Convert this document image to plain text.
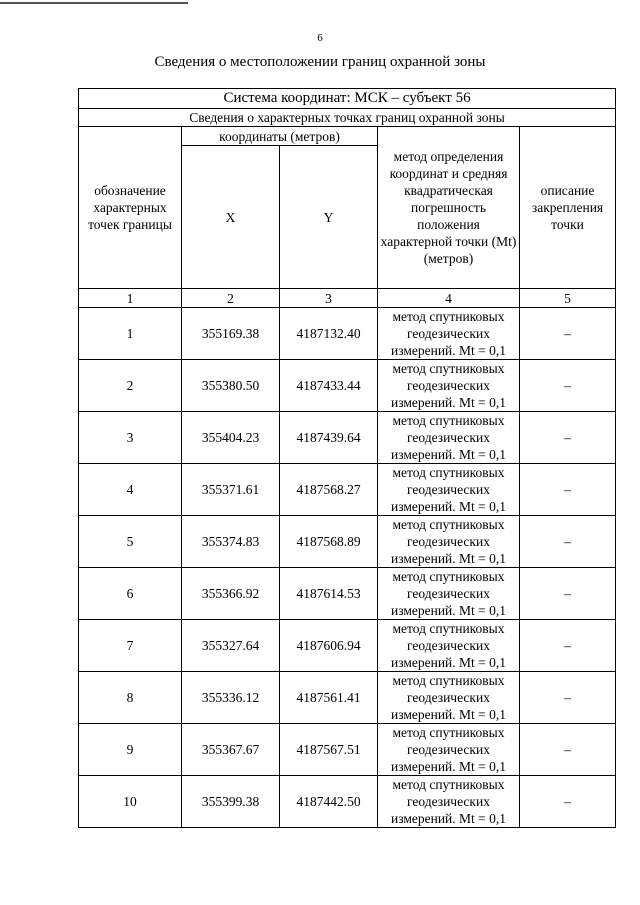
6
Сведения о местоположении границ охранной зоны
Система координат: МСК – субъект 56				
Сведения о характерных точках границ охранной зоны				
обозначение характерных точек границы	координаты (метров)		метод определения координат и средняя квадратическая погрешность положения характерной точки (Mt) (метров)	описание закрепления точки
	X	Y		
1	2	3	4	5
1	355169.38	4187132.40	метод спутниковых геодезических измерений. Mt = 0,1	–
2	355380.50	4187433.44	метод спутниковых геодезических измерений. Mt = 0,1	–
3	355404.23	4187439.64	метод спутниковых геодезических измерений. Mt = 0,1	–
4	355371.61	4187568.27	метод спутниковых геодезических измерений. Mt = 0,1	–
5	355374.83	4187568.89	метод спутниковых геодезических измерений. Mt = 0,1	–
6	355366.92	4187614.53	метод спутниковых геодезических измерений. Mt = 0,1	–
7	355327.64	4187606.94	метод спутниковых геодезических измерений. Mt = 0,1	–
8	355336.12	4187561.41	метод спутниковых геодезических измерений. Mt = 0,1	–
9	355367.67	4187567.51	метод спутниковых геодезических измерений. Mt = 0,1	–
10	355399.38	4187442.50	метод спутниковых геодезических измерений. Mt = 0,1	–
